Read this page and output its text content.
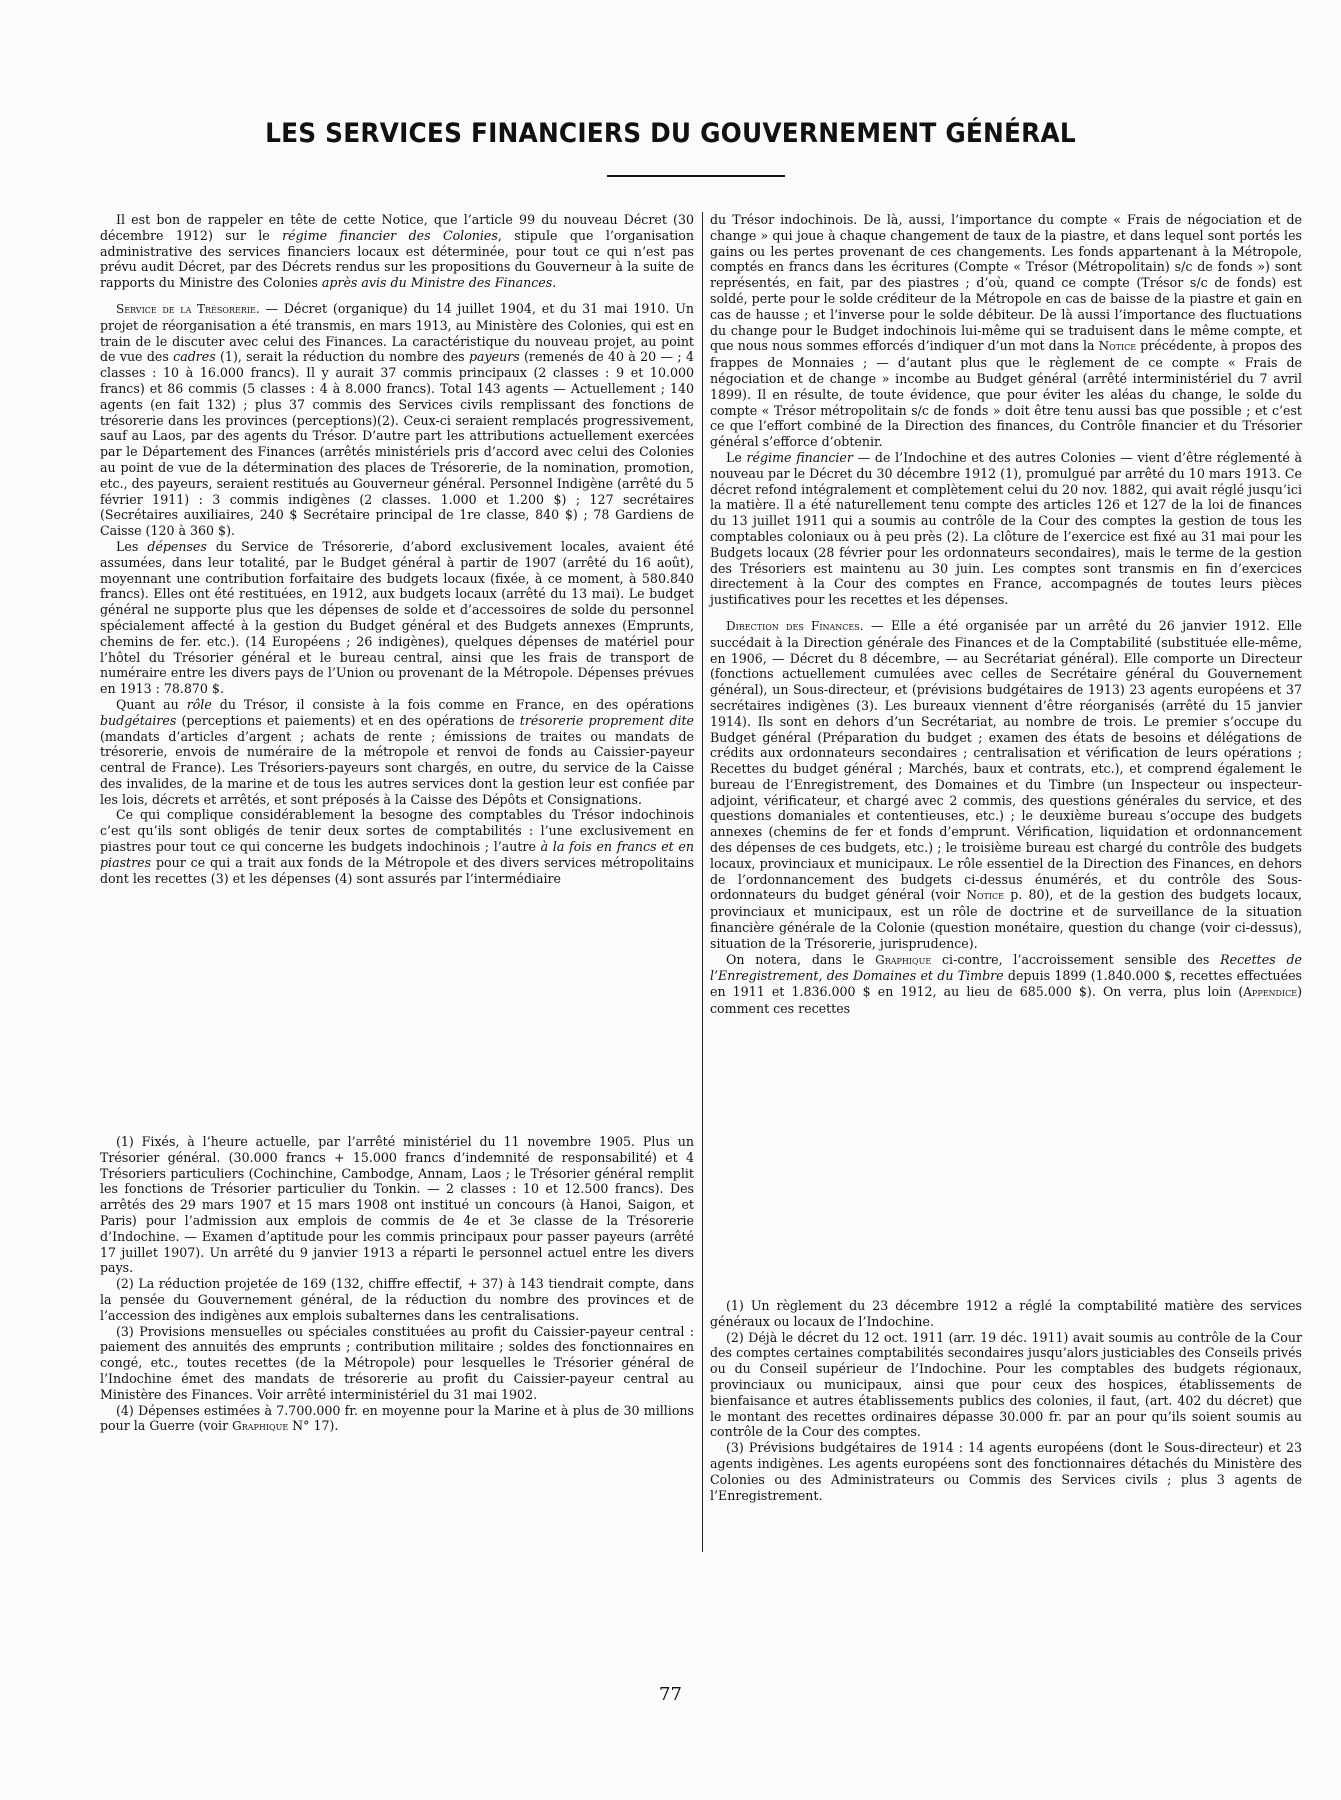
LES SERVICES FINANCIERS DU GOUVERNEMENT GÉNÉRAL

Il est bon de rappeler en tête de cette Notice, que l’article 99 du nouveau Décret (30 décembre 1912) sur le régime financier des Colonies, stipule que l’organisation administrative des services financiers locaux est déterminée, pour tout ce qui n’est pas prévu audit Décret, par des Décrets rendus sur les propositions du Gouverneur à la suite de rapports du Ministre des Colonies après avis du Ministre des Finances.

Service de la Trésorerie. — Décret (organique) du 14 juillet 1904, et du 31 mai 1910. Un projet de réorganisation a été transmis, en mars 1913, au Ministère des Colonies, qui est en train de le discuter avec celui des Finances. La caractéristique du nouveau projet, au point de vue des cadres (1), serait la réduction du nombre des payeurs (remenés de 40 à 20 — ; 4 classes : 10 à 16.000 francs). Il y aurait 37 commis principaux (2 classes : 9 et 10.000 francs) et 86 commis (5 classes : 4 à 8.000 francs). Total 143 agents — Actuellement ; 140 agents (en fait 132) ; plus 37 commis des Services civils remplissant des fonctions de trésorerie dans les provinces (perceptions)(2). Ceux-ci seraient remplacés progressivement, sauf au Laos, par des agents du Trésor. D’autre part les attributions actuellement exercées par le Département des Finances (arrêtés ministériels pris d’accord avec celui des Colonies au point de vue de la détermination des places de Trésorerie, de la nomination, promotion, etc., des payeurs, seraient restitués au Gouverneur général. Personnel Indigène (arrêté du 5 février 1911) : 3 commis indigènes (2 classes. 1.000 et 1.200 $) ; 127 secrétaires (Secrétaires auxiliaires, 240 $ Secrétaire principal de 1re classe, 840 $) ; 78 Gardiens de Caisse (120 à 360 $).

Les dépenses du Service de Trésorerie, d’abord exclusivement locales, avaient été assumées, dans leur totalité, par le Budget général à partir de 1907 (arrêté du 16 août), moyennant une contribution forfaitaire des budgets locaux (fixée, à ce moment, à 580.840 francs). Elles ont été restituées, en 1912, aux budgets locaux (arrêté du 13 mai). Le budget général ne supporte plus que les dépenses de solde et d’accessoires de solde du personnel spécialement affecté à la gestion du Budget général et des Budgets annexes (Emprunts, chemins de fer. etc.). (14 Européens ; 26 indigènes), quelques dépenses de matériel pour l’hôtel du Trésorier général et le bureau central, ainsi que les frais de transport de numéraire entre les divers pays de l’Union ou provenant de la Métropole. Dépenses prévues en 1913 : 78.870 $.

Quant au rôle du Trésor, il consiste à la fois comme en France, en des opérations budgétaires (perceptions et paiements) et en des opérations de trésorerie proprement dite (mandats d’articles d’argent ; achats de rente ; émissions de traites ou mandats de trésorerie, envois de numéraire de la métropole et renvoi de fonds au Caissier-payeur central de France). Les Trésoriers-payeurs sont chargés, en outre, du service de la Caisse des invalides, de la marine et de tous les autres services dont la gestion leur est confiée par les lois, décrets et arrêtés, et sont préposés à la Caisse des Dépôts et Consignations.

Ce qui complique considérablement la besogne des comptables du Trésor indochinois c’est qu’ils sont obligés de tenir deux sortes de comptabilités : l’une exclusivement en piastres pour tout ce qui concerne les budgets indochinois ; l’autre à la fois en francs et en piastres pour ce qui a trait aux fonds de la Métropole et des divers services métropolitains dont les recettes (3) et les dépenses (4) sont assurés par l’intermédiaire

(1) Fixés, à l’heure actuelle, par l’arrêté ministériel du 11 novembre 1905. Plus un Trésorier général. (30.000 francs + 15.000 francs d’indemnité de responsabilité) et 4 Trésoriers particuliers (Cochinchine, Cambodge, Annam, Laos ; le Trésorier général remplit les fonctions de Trésorier particulier du Tonkin. — 2 classes : 10 et 12.500 francs). Des arrêtés des 29 mars 1907 et 15 mars 1908 ont institué un concours (à Hanoi, Saigon, et Paris) pour l’admission aux emplois de commis de 4e et 3e classe de la Trésorerie d’Indochine. — Examen d’aptitude pour les commis principaux pour passer payeurs (arrêté 17 juillet 1907). Un arrêté du 9 janvier 1913 a réparti le personnel actuel entre les divers pays.

(2) La réduction projetée de 169 (132, chiffre effectif, + 37) à 143 tiendrait compte, dans la pensée du Gouvernement général, de la réduction du nombre des provinces et de l’accession des indigènes aux emplois subalternes dans les centralisations.

(3) Provisions mensuelles ou spéciales constituées au profit du Caissier-payeur central : paiement des annuités des emprunts ; contribution militaire ; soldes des fonctionnaires en congé, etc., toutes recettes (de la Métropole) pour lesquelles le Trésorier général de l’Indochine émet des mandats de trésorerie au profit du Caissier-payeur central au Ministère des Finances. Voir arrêté interministériel du 31 mai 1902.

(4) Dépenses estimées à 7.700.000 fr. en moyenne pour la Marine et à plus de 30 millions pour la Guerre (voir Graphique N° 17).

du Trésor indochinois. De là, aussi, l’importance du compte « Frais de négociation et de change » qui joue à chaque changement de taux de la piastre, et dans lequel sont portés les gains ou les pertes provenant de ces changements. Les fonds appartenant à la Métropole, comptés en francs dans les écritures (Compte « Trésor (Métropolitain) s/c de fonds ») sont représentés, en fait, par des piastres ; d’où, quand ce compte (Trésor s/c de fonds) est soldé, perte pour le solde créditeur de la Métropole en cas de baisse de la piastre et gain en cas de hausse ; et l’inverse pour le solde débiteur. De là aussi l’importance des fluctuations du change pour le Budget indochinois lui-même qui se traduisent dans le même compte, et que nous nous sommes efforcés d’indiquer d’un mot dans la Notice précédente, à propos des frappes de Monnaies ; — d’autant plus que le règlement de ce compte « Frais de négociation et de change » incombe au Budget général (arrêté interministériel du 7 avril 1899). Il en résulte, de toute évidence, que pour éviter les aléas du change, le solde du compte « Trésor métropolitain s/c de fonds » doit être tenu aussi bas que possible ; et c’est ce que l’effort combiné de la Direction des finances, du Contrôle financier et du Trésorier général s’efforce d’obtenir.

Le régime financier — de l’Indochine et des autres Colonies — vient d’être réglementé à nouveau par le Décret du 30 décembre 1912 (1), promulgué par arrêté du 10 mars 1913. Ce décret refond intégralement et complètement celui du 20 nov. 1882, qui avait réglé jusqu’ici la matière. Il a été naturellement tenu compte des articles 126 et 127 de la loi de finances du 13 juillet 1911 qui a soumis au contrôle de la Cour des comptes la gestion de tous les comptables coloniaux ou à peu près (2). La clôture de l’exercice est fixé au 31 mai pour les Budgets locaux (28 février pour les ordonnateurs secondaires), mais le terme de la gestion des Trésoriers est maintenu au 30 juin. Les comptes sont transmis en fin d’exercices directement à la Cour des comptes en France, accompagnés de toutes leurs pièces justificatives pour les recettes et les dépenses.

Direction des Finances. — Elle a été organisée par un arrêté du 26 janvier 1912. Elle succédait à la Direction générale des Finances et de la Comptabilité (substituée elle-même, en 1906, — Décret du 8 décembre, — au Secrétariat général). Elle comporte un Directeur (fonctions actuellement cumulées avec celles de Secrétaire général du Gouvernement général), un Sous-directeur, et (prévisions budgétaires de 1913) 23 agents européens et 37 secrétaires indigènes (3). Les bureaux viennent d’être réorganisés (arrêté du 15 janvier 1914). Ils sont en dehors d’un Secrétariat, au nombre de trois. Le premier s’occupe du Budget général (Préparation du budget ; examen des états de besoins et délégations de crédits aux ordonnateurs secondaires ; centralisation et vérification de leurs opérations ; Recettes du budget général ; Marchés, baux et contrats, etc.), et comprend également le bureau de l’Enregistrement, des Domaines et du Timbre (un Inspecteur ou inspecteur-adjoint, vérificateur, et chargé avec 2 commis, des questions générales du service, et des questions domaniales et contentieuses, etc.) ; le deuxième bureau s’occupe des budgets annexes (chemins de fer et fonds d’emprunt. Vérification, liquidation et ordonnancement des dépenses de ces budgets, etc.) ; le troisième bureau est chargé du contrôle des budgets locaux, provinciaux et municipaux. Le rôle essentiel de la Direction des Finances, en dehors de l’ordonnancement des budgets ci-dessus énumérés, et du contrôle des Sous-ordonnateurs du budget général (voir Notice p. 80), et de la gestion des budgets locaux, provinciaux et municipaux, est un rôle de doctrine et de surveillance de la situation financière générale de la Colonie (question monétaire, question du change (voir ci-dessus), situation de la Trésorerie, jurisprudence).

On notera, dans le Graphique ci-contre, l’accroissement sensible des Recettes de l’Enregistrement, des Domaines et du Timbre depuis 1899 (1.840.000 $, recettes effectuées en 1911 et 1.836.000 $ en 1912, au lieu de 685.000 $). On verra, plus loin (Appendice) comment ces recettes

(1) Un règlement du 23 décembre 1912 a réglé la comptabilité matière des services généraux ou locaux de l’Indochine.

(2) Déjà le décret du 12 oct. 1911 (arr. 19 déc. 1911) avait soumis au contrôle de la Cour des comptes certaines comptabilités secondaires jusqu’alors justiciables des Conseils privés ou du Conseil supérieur de l’Indochine. Pour les comptables des budgets régionaux, provinciaux ou municipaux, ainsi que pour ceux des hospices, établissements de bienfaisance et autres établissements publics des colonies, il faut, (art. 402 du décret) que le montant des recettes ordinaires dépasse 30.000 fr. par an pour qu’ils soient soumis au contrôle de la Cour des comptes.

(3) Prévisions budgétaires de 1914 : 14 agents européens (dont le Sous-directeur) et 23 agents indigènes. Les agents européens sont des fonctionnaires détachés du Ministère des Colonies ou des Administrateurs ou Commis des Services civils ; plus 3 agents de l’Enregistrement.

77
